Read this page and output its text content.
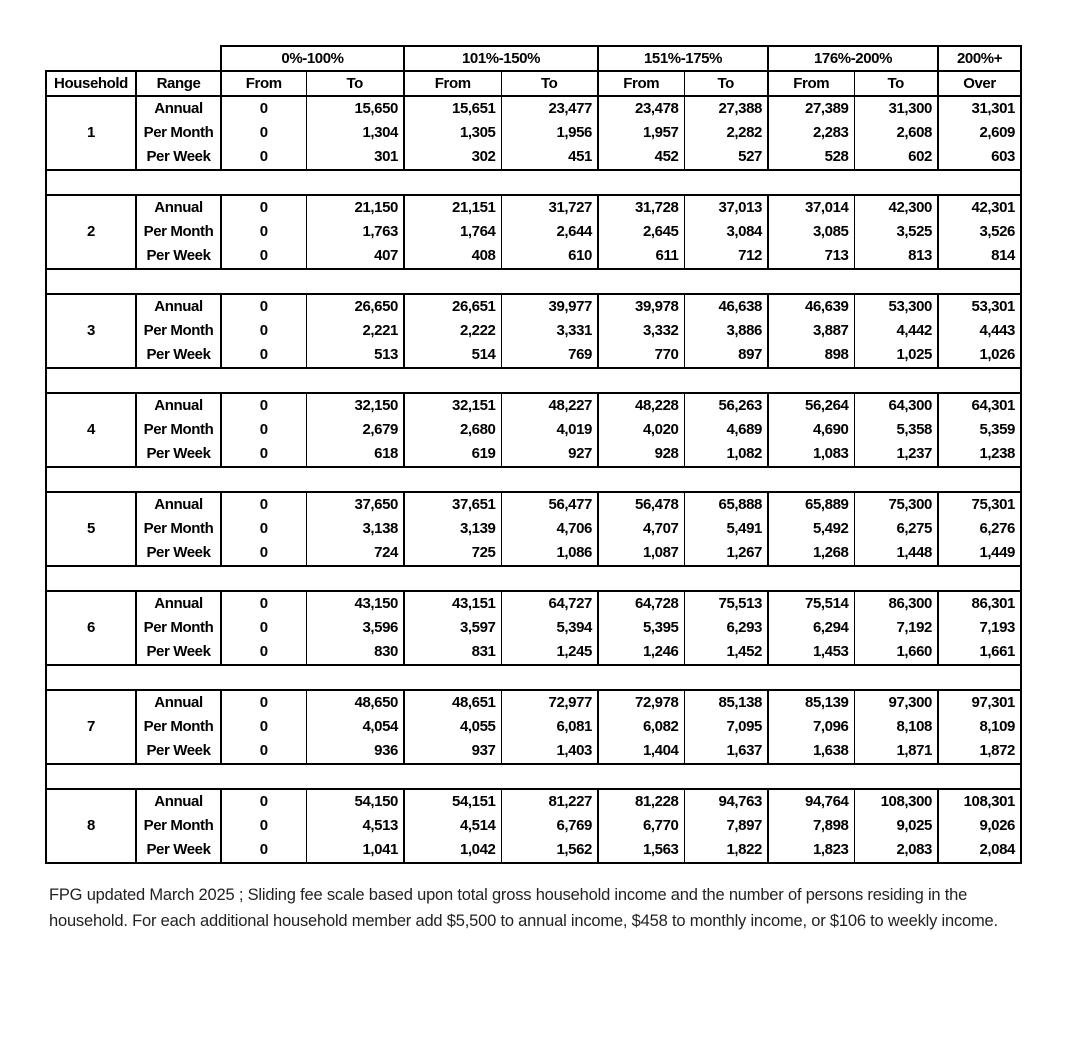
		0%-100%		101%-150%		151%-175%		176%-200%		200%+
Household	Range	From	To	From	To	From	To	From	To	Over
1	Annual	0	15,650	15,651	23,477	23,478	27,388	27,389	31,300	31,301
	Per Month	0	1,304	1,305	1,956	1,957	2,282	2,283	2,608	2,609
	Per Week	0	301	302	451	452	527	528	602	603

2	Annual	0	21,150	21,151	31,727	31,728	37,013	37,014	42,300	42,301
	Per Month	0	1,763	1,764	2,644	2,645	3,084	3,085	3,525	3,526
	Per Week	0	407	408	610	611	712	713	813	814

3	Annual	0	26,650	26,651	39,977	39,978	46,638	46,639	53,300	53,301
	Per Month	0	2,221	2,222	3,331	3,332	3,886	3,887	4,442	4,443
	Per Week	0	513	514	769	770	897	898	1,025	1,026

4	Annual	0	32,150	32,151	48,227	48,228	56,263	56,264	64,300	64,301
	Per Month	0	2,679	2,680	4,019	4,020	4,689	4,690	5,358	5,359
	Per Week	0	618	619	927	928	1,082	1,083	1,237	1,238

5	Annual	0	37,650	37,651	56,477	56,478	65,888	65,889	75,300	75,301
	Per Month	0	3,138	3,139	4,706	4,707	5,491	5,492	6,275	6,276
	Per Week	0	724	725	1,086	1,087	1,267	1,268	1,448	1,449

6	Annual	0	43,150	43,151	64,727	64,728	75,513	75,514	86,300	86,301
	Per Month	0	3,596	3,597	5,394	5,395	6,293	6,294	7,192	7,193
	Per Week	0	830	831	1,245	1,246	1,452	1,453	1,660	1,661

7	Annual	0	48,650	48,651	72,977	72,978	85,138	85,139	97,300	97,301
	Per Month	0	4,054	4,055	6,081	6,082	7,095	7,096	8,108	8,109
	Per Week	0	936	937	1,403	1,404	1,637	1,638	1,871	1,872

8	Annual	0	54,150	54,151	81,227	81,228	94,763	94,764	108,300	108,301
	Per Month	0	4,513	4,514	6,769	6,770	7,897	7,898	9,025	9,026
	Per Week	0	1,041	1,042	1,562	1,563	1,822	1,823	2,083	2,084
FPG updated March 2025 ; Sliding fee scale based upon total gross household income and the number of persons residing in the household. For each additional household member add $5,500 to annual income, $458 to monthly income, or $106 to weekly income.
